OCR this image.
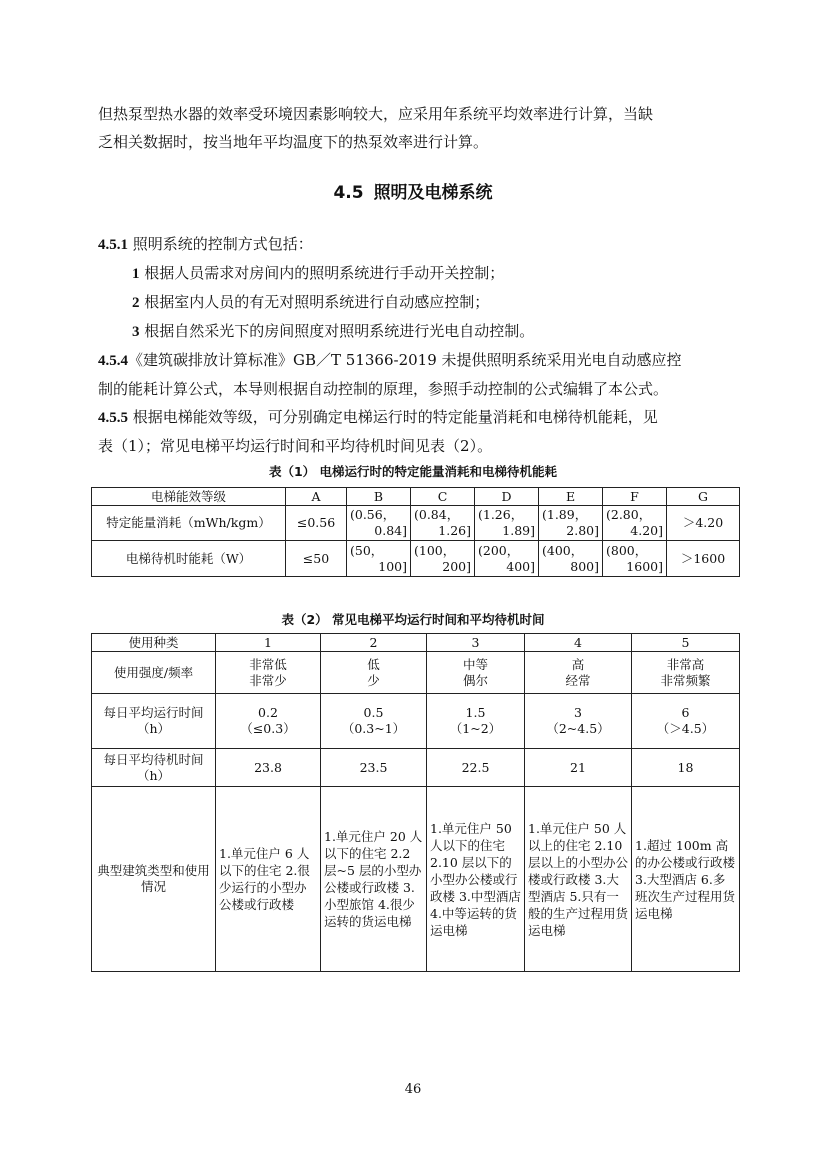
但热泵型热水器的效率受环境因素影响较大，应采用年系统平均效率进行计算，当缺
乏相关数据时，按当地年平均温度下的热泵效率进行计算。
4.5 照明及电梯系统
4.5.1 照明系统的控制方式包括：
1 根据人员需求对房间内的照明系统进行手动开关控制；
2 根据室内人员的有无对照明系统进行自动感应控制；
3 根据自然采光下的房间照度对照明系统进行光电自动控制。
4.5.4《建筑碳排放计算标准》GB／T 51366-2019 未提供照明系统采用光电自动感应控
制的能耗计算公式，本导则根据自动控制的原理，参照手动控制的公式编辑了本公式。
4.5.5 根据电梯能效等级，可分别确定电梯运行时的特定能量消耗和电梯待机能耗，见
表（1）；常见电梯平均运行时间和平均待机时间见表（2）。
表（1） 电梯运行时的特定能量消耗和电梯待机能耗
电梯能效等级	A	B	C	D	E	F	G
特定能量消耗（mWh/kgm）	≤0.56	(0.56，
0.84]	(0.84，
1.26]	(1.26，
1.89]	(1.89，
2.80]	(2.80，
4.20]	＞4.20
电梯待机时能耗（W）	≤50	(50，
100]	(100，
200]	(200，
400]	(400，
800]	(800，
1600]	＞1600
表（2） 常见电梯平均运行时间和平均待机时间
使用种类	1	2	3	4	5
使用强度/频率	非常低
非常少	低
少	中等
偶尔	高
经常	非常高
非常频繁

每日平均运行时间（h）	0.2
（≤0.3）	0.5
（0.3~1）	1.5
（1~2）	3
（2~4.5）	6
（＞4.5）

每日平均待机时间（h）	23.8	23.5	22.5	21	18
典型建筑类型和使用情况	1.单元住户 6 人以下的住宅 2.很少运行的小型办公楼或行政楼	1.单元住户 20 人以下的住宅 2.2 层~5 层的小型办公楼或行政楼 3.小型旅馆 4.很少运转的货运电梯	1.单元住户 50 人以下的住宅 2.10 层以下的小型办公楼或行政楼 3.中型酒店 4.中等运转的货运电梯	1.单元住户 50 人以上的住宅 2.10 层以上的小型办公楼或行政楼 3.大型酒店 5.只有一般的生产过程用货运电梯	1.超过 100m 高的办公楼或行政楼 3.大型酒店 6.多班次生产过程用货运电梯
46
